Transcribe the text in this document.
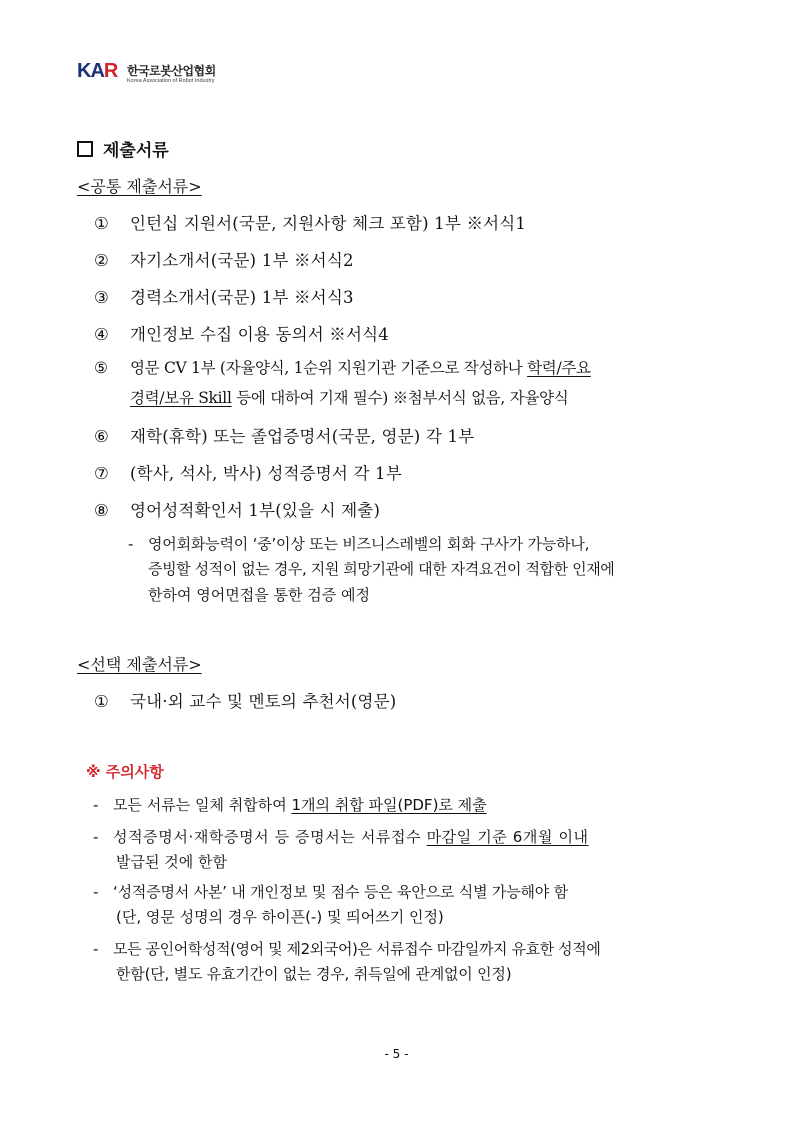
KAR 한국로봇산업협회
Korea Association of Robot Industry
제출서류
<공통 제출서류>
① 인턴십 지원서(국문, 지원사항 체크 포함) 1부 ※서식1
② 자기소개서(국문) 1부 ※서식2
③ 경력소개서(국문) 1부 ※서식3
④ 개인정보 수집 이용 동의서 ※서식4
⑤ 영문 CV 1부 (자율양식, 1순위 지원기관 기준으로 작성하나 학력/주요
경력/보유 Skill 등에 대하여 기재 필수) ※첨부서식 없음, 자율양식
⑥ 재학(휴학) 또는 졸업증명서(국문, 영문) 각 1부
⑦ (학사, 석사, 박사) 성적증명서 각 1부
⑧ 영어성적확인서 1부(있을 시 제출)
- 영어회화능력이 ‘중’이상 또는 비즈니스레벨의 회화 구사가 가능하나,
증빙할 성적이 없는 경우, 지원 희망기관에 대한 자격요건이 적합한 인재에
한하여 영어면접을 통한 검증 예정
<선택 제출서류>
① 국내·외 교수 및 멘토의 추천서(영문)
※ 주의사항
- 모든 서류는 일체 취합하여 1개의 취합 파일(PDF)로 제출
- 성적증명서·재학증명서 등 증명서는 서류접수 마감일 기준 6개월 이내
발급된 것에 한함
- ‘성적증명서 사본’ 내 개인정보 및 점수 등은 육안으로 식별 가능해야 함
(단, 영문 성명의 경우 하이픈(-) 및 띄어쓰기 인정)
- 모든 공인어학성적(영어 및 제2외국어)은 서류접수 마감일까지 유효한 성적에
한함(단, 별도 유효기간이 없는 경우, 취득일에 관계없이 인정)
- 5 -
